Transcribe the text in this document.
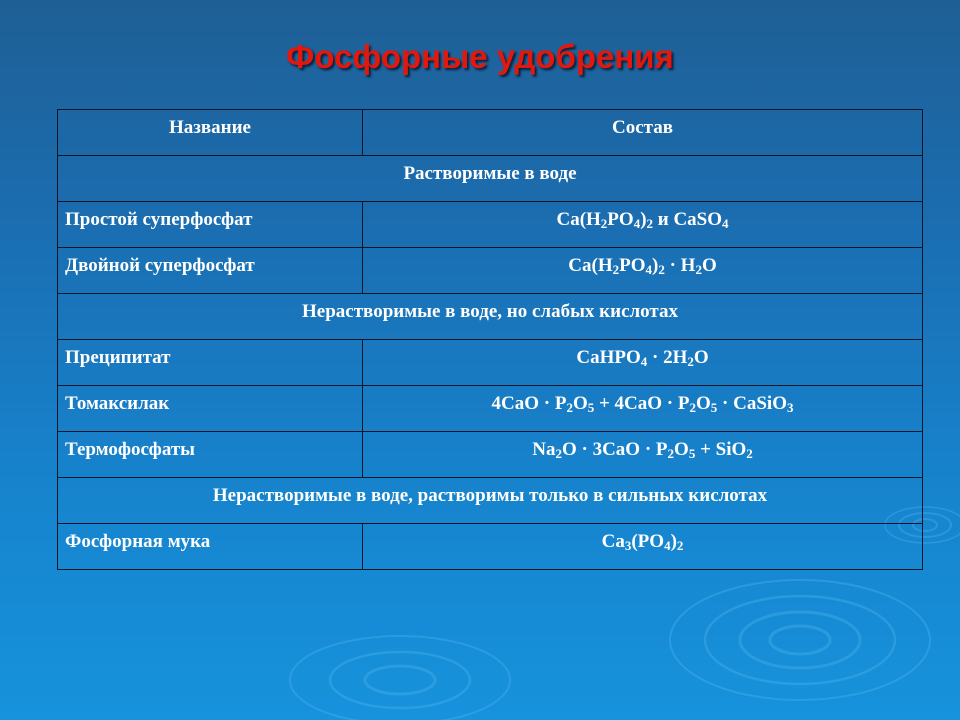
Фосфорные удобрения
Название	Состав
Растворимые в воде	
Простой суперфосфат	$Ca(H_2PO_4)_2$ и CaSO$_4$
Двойной суперфосфат	$Ca(H_2PO_4)_2 \cdot H_2O$
Нерастворимые в воде, но слабых кислотах	
Преципитат	CaHPO$_4$ · $2H_2O$
Томаксилак	$4CaO \cdot P_2O_5 + 4CaO \cdot P_2O_5$ · CaSiO$_3$
Термофосфаты	$Na_2O \cdot 3CaO \cdot P_2O_5 + SiO_2$
Нерастворимые в воде, растворимы только в сильных кислотах	
Фосфорная мука	$Ca_3(PO_4)_2$
